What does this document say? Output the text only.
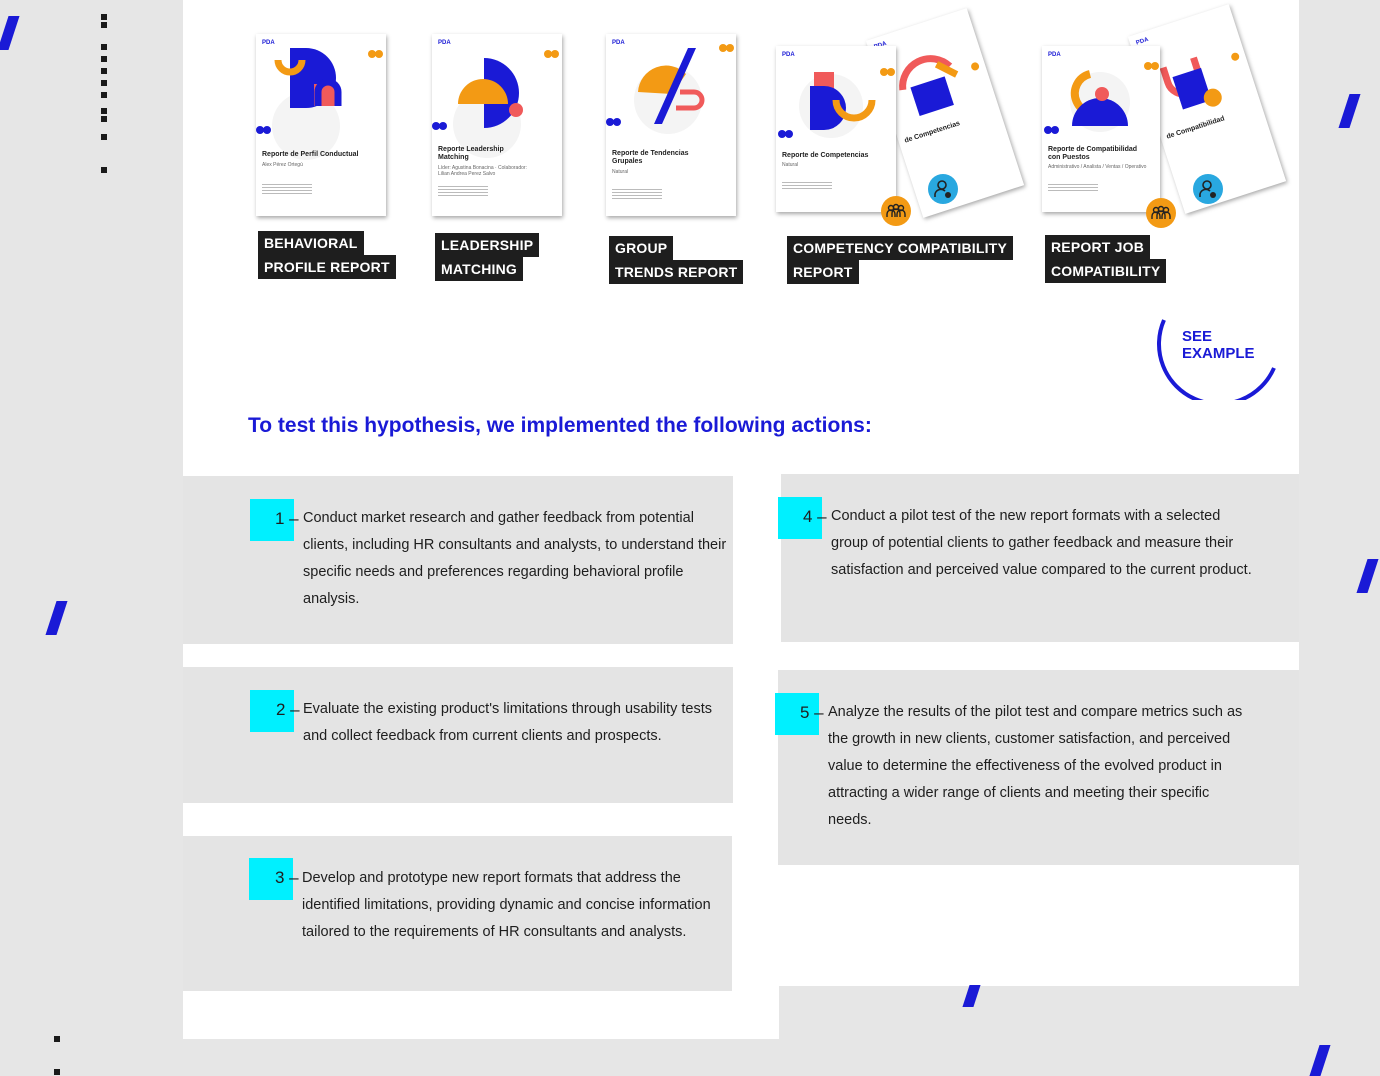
PDA
Reporte de Perfil Conductual
Alex Pérez Ortegú
BEHAVIORAL
PROFILE REPORT
PDA
Reporte Leadership Matching
Líder: Agustina Bonacina · Colaborador: Lilian Andrea Perez Salvo
LEADERSHIP
MATCHING
PDA
Reporte de Tendencias Grupales
Natural
GROUP
TRENDS REPORT
de Competencias
PDA
Reporte de Competencias
Natural
COMPETENCY COMPATIBILITY
REPORT
PDA
de Compatibilidad
PDA
Reporte de Compatibilidad con Puestos
Administrativo / Analista / Ventas / Operativo
REPORT JOB
COMPATIBILITY
SEE
EXAMPLE
To test this hypothesis, we implemented the following actions:
1 – Conduct market research and gather feedback from potential clients, including HR consultants and analysts, to understand their specific needs and preferences regarding behavioral profile analysis.
2 – Evaluate the existing product's limitations through usability tests and collect feedback from current clients and prospects.
3 – Develop and prototype new report formats that address the identified limitations, providing dynamic and concise information tailored to the requirements of HR consultants and analysts.
4 – Conduct a pilot test of the new report formats with a selected group of potential clients to gather feedback and measure their satisfaction and perceived value compared to the current product.
5 – Analyze the results of the pilot test and compare metrics such as the growth in new clients, customer satisfaction, and perceived value to determine the effectiveness of the evolved product in attracting a wider range of clients and meeting their specific needs.
